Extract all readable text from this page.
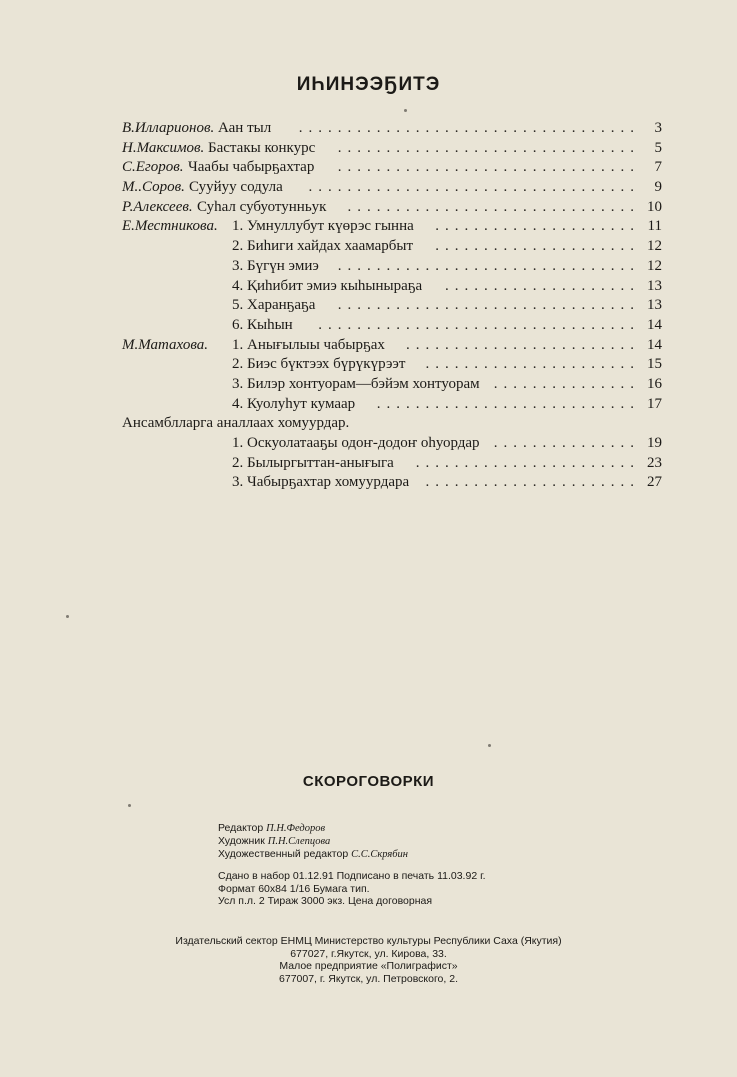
ИҺИНЭЭҔИТЭ
В.Илларионов. Аан тыл ................................... 3
Н.Максимов. Бастакы конкурс ............................... 5
С.Егоров. Чаабы чабырҕахтар ............................... 7
М..Соров. Сууйуу содула .................................. 9
Р.Алексеев. Суһал субуотунньук .............................. 10
Е.Местникова. 1. Умнуллубут күөрэс гынна ..................... 11
2. Биһиги хайдах хаамарбыт ..................... 12
3. Бүгүн эмиэ ............................... 12
4. Қиһибит эмиэ кыһыныраҕа .................... 13
5. Харанҕаҕа ............................... 13
6. Кыһын ................................. 14
М.Матахова. 1. Анығылыы чабырҕах ........................ 14
2. Биэс бүктээх бүрүкүрээт ...................... 15
3. Билэр хонтуорам—бэйэм хонтуорам ............... 16
4. Куолуһут кумаар ........................... 17
Ансамблларга аналлаах хомуурдар.
1. Оскуолатааҕы одоҥ-додоҥ оһуордар ............... 19
2. Былыргыттан-анығыга ....................... 23
3. Чабырҕахтар хомуурдара ...................... 27
СКОРОГОВОРКИ
Редактор П.Н.Федоров
Художник П.Н.Слепцова
Художественный редактор С.С.Скрябин
Сдано в набор 01.12.91 Подписано в печать 11.03.92 г.
Формат 60х84 1/16 Бумага тип.
Усл п.л. 2 Тираж 3000 экз. Цена договорная
Издательский сектор ЕНМЦ Министерство культуры Республики Саха (Якутия)
677027, г.Якутск, ул. Кирова, 33.
Малое предприятие «Полиграфист»
677007, г. Якутск, ул. Петровского, 2.
